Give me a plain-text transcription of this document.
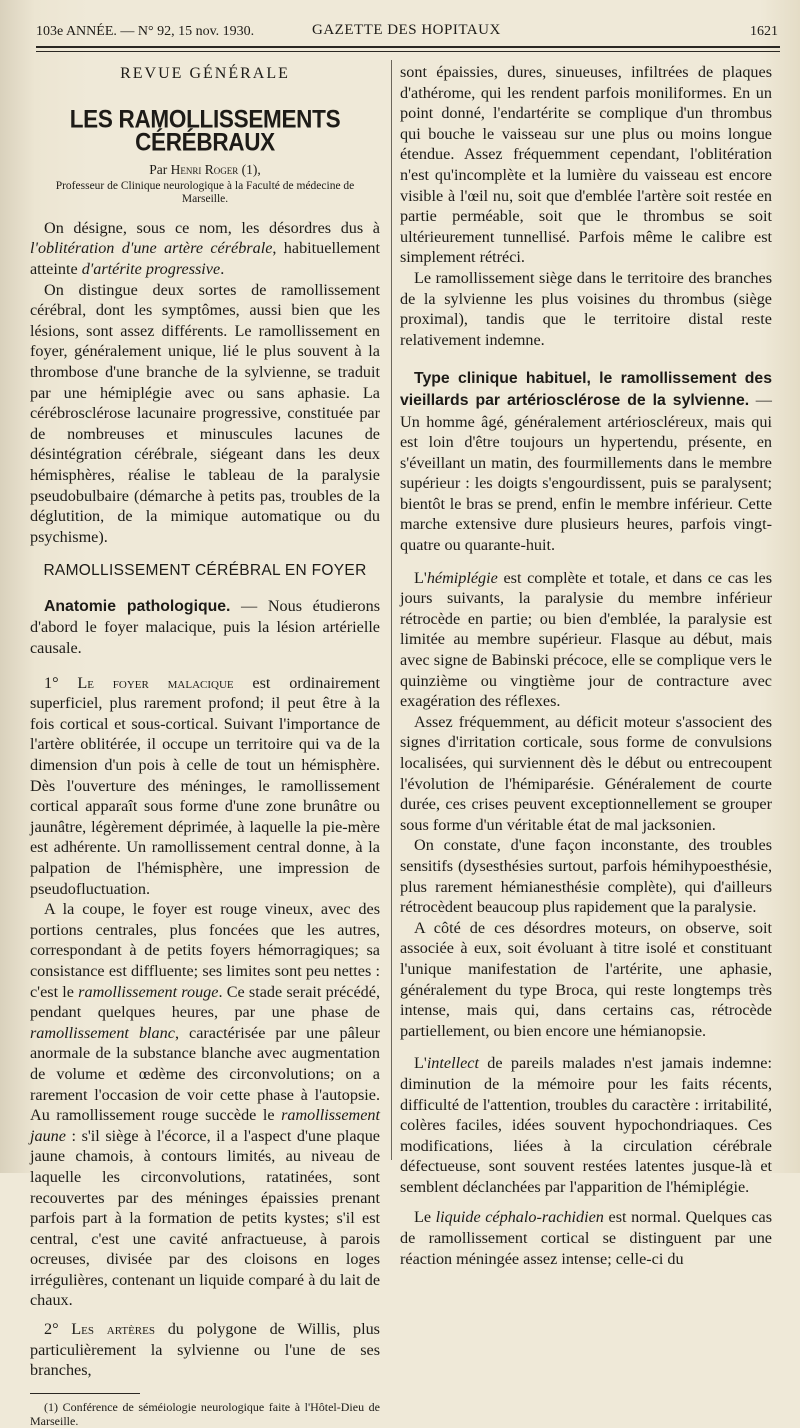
103e ANNÉE. — N° 92, 15 nov. 1930.	GAZETTE DES HOPITAUX	1621
REVUE GÉNÉRALE
LES RAMOLLISSEMENTS CÉRÉBRAUX
Par Henri Roger (1),
Professeur de Clinique neurologique à la Faculté de médecine de Marseille.

On désigne, sous ce nom, les désordres dus à l'oblitération d'une artère cérébrale, habituellement atteinte d'artérite progressive.

On distingue deux sortes de ramollissement cérébral, dont les symptômes, aussi bien que les lésions, sont assez différents. Le ramollissement en foyer, généralement unique, lié le plus souvent à la thrombose d'une branche de la sylvienne, se traduit par une hémiplégie avec ou sans aphasie. La cérébrosclérose lacunaire progressive, constituée par de nombreuses et minuscules lacunes de désintégration cérébrale, siégeant dans les deux hémisphères, réalise le tableau de la paralysie pseudobulbaire (démarche à petits pas, troubles de la déglutition, de la mimique automatique ou du psychisme).

RAMOLLISSEMENT CÉRÉBRAL EN FOYER

Anatomie pathologique. — Nous étudierons d'abord le foyer malacique, puis la lésion artérielle causale.

1° Le foyer malacique est ordinairement superficiel, plus rarement profond; il peut être à la fois cortical et sous-cortical. Suivant l'importance de l'artère oblitérée, il occupe un territoire qui va de la dimension d'un pois à celle de tout un hémisphère. Dès l'ouverture des méninges, le ramollissement cortical apparaît sous forme d'une zone brunâtre ou jaunâtre, légèrement déprimée, à laquelle la pie-mère est adhérente. Un ramollissement central donne, à la palpation de l'hémisphère, une impression de pseudofluctuation.

A la coupe, le foyer est rouge vineux, avec des portions centrales, plus foncées que les autres, correspondant à de petits foyers hémorragiques; sa consistance est diffluente; ses limites sont peu nettes : c'est le ramollissement rouge. Ce stade serait précédé, pendant quelques heures, par une phase de ramollissement blanc, caractérisée par une pâleur anormale de la substance blanche avec augmentation de volume et œdème des circonvolutions; on a rarement l'occasion de voir cette phase à l'autopsie. Au ramollissement rouge succède le ramollissement jaune : s'il siège à l'écorce, il a l'aspect d'une plaque jaune chamois, à contours limités, au niveau de laquelle les circonvolutions, ratatinées, sont recouvertes par des méninges épaissies prenant parfois part à la formation de petits kystes; s'il est central, c'est une cavité anfractueuse, à parois ocreuses, divisée par des cloisons en loges irrégulières, contenant un liquide comparé à du lait de chaux.

2° Les artères du polygone de Willis, plus particulièrement la sylvienne ou l'une de ses branches,

(1) Conférence de séméiologie neurologique faite à l'Hôtel-Dieu de Marseille.

sont épaissies, dures, sinueuses, infiltrées de plaques d'athérome, qui les rendent parfois moniliformes. En un point donné, l'endartérite se complique d'un thrombus qui bouche le vaisseau sur une plus ou moins longue étendue. Assez fréquemment cependant, l'oblitération n'est qu'incomplète et la lumière du vaisseau est encore visible à l'œil nu, soit que d'emblée l'artère soit restée en partie perméable, soit que le thrombus se soit ultérieurement tunnellisé. Parfois même le calibre est simplement rétréci.

Le ramollissement siège dans le territoire des branches de la sylvienne les plus voisines du thrombus (siège proximal), tandis que le territoire distal reste relativement indemne.

Type clinique habituel, le ramollissement des vieillards par artériosclérose de la sylvienne. — Un homme âgé, généralement artérioscléreux, mais qui est loin d'être toujours un hypertendu, présente, en s'éveillant un matin, des fourmillements dans le membre supérieur : les doigts s'engourdissent, puis se paralysent; bientôt le bras se prend, enfin le membre inférieur. Cette marche extensive dure plusieurs heures, parfois vingt-quatre ou quarante-huit.

L'hémiplégie est complète et totale, et dans ce cas les jours suivants, la paralysie du membre inférieur rétrocède en partie; ou bien d'emblée, la paralysie est limitée au membre supérieur. Flasque au début, mais avec signe de Babinski précoce, elle se complique vers le quinzième ou vingtième jour de contracture avec exagération des réflexes.

Assez fréquemment, au déficit moteur s'associent des signes d'irritation corticale, sous forme de convulsions localisées, qui surviennent dès le début ou entrecoupent l'évolution de l'hémiparésie. Généralement de courte durée, ces crises peuvent exceptionnellement se grouper sous forme d'un véritable état de mal jacksonien.

On constate, d'une façon inconstante, des troubles sensitifs (dysesthésies surtout, parfois hémihypoesthésie, plus rarement hémianesthésie complète), qui d'ailleurs rétrocèdent beaucoup plus rapidement que la paralysie.

A côté de ces désordres moteurs, on observe, soit associée à eux, soit évoluant à titre isolé et constituant l'unique manifestation de l'artérite, une aphasie, généralement du type Broca, qui reste longtemps très intense, mais qui, dans certains cas, rétrocède partiellement, ou bien encore une hémianopsie.

L'intellect de pareils malades n'est jamais indemne: diminution de la mémoire pour les faits récents, difficulté de l'attention, troubles du caractère : irritabilité, colères faciles, idées souvent hypochondriaques. Ces modifications, liées à la circulation cérébrale défectueuse, sont souvent restées latentes jusque-là et semblent déclanchées par l'apparition de l'hémiplégie.

Le liquide céphalo-rachidien est normal. Quelques cas de ramollissement cortical se distinguent par une réaction méningée assez intense; celle-ci du
